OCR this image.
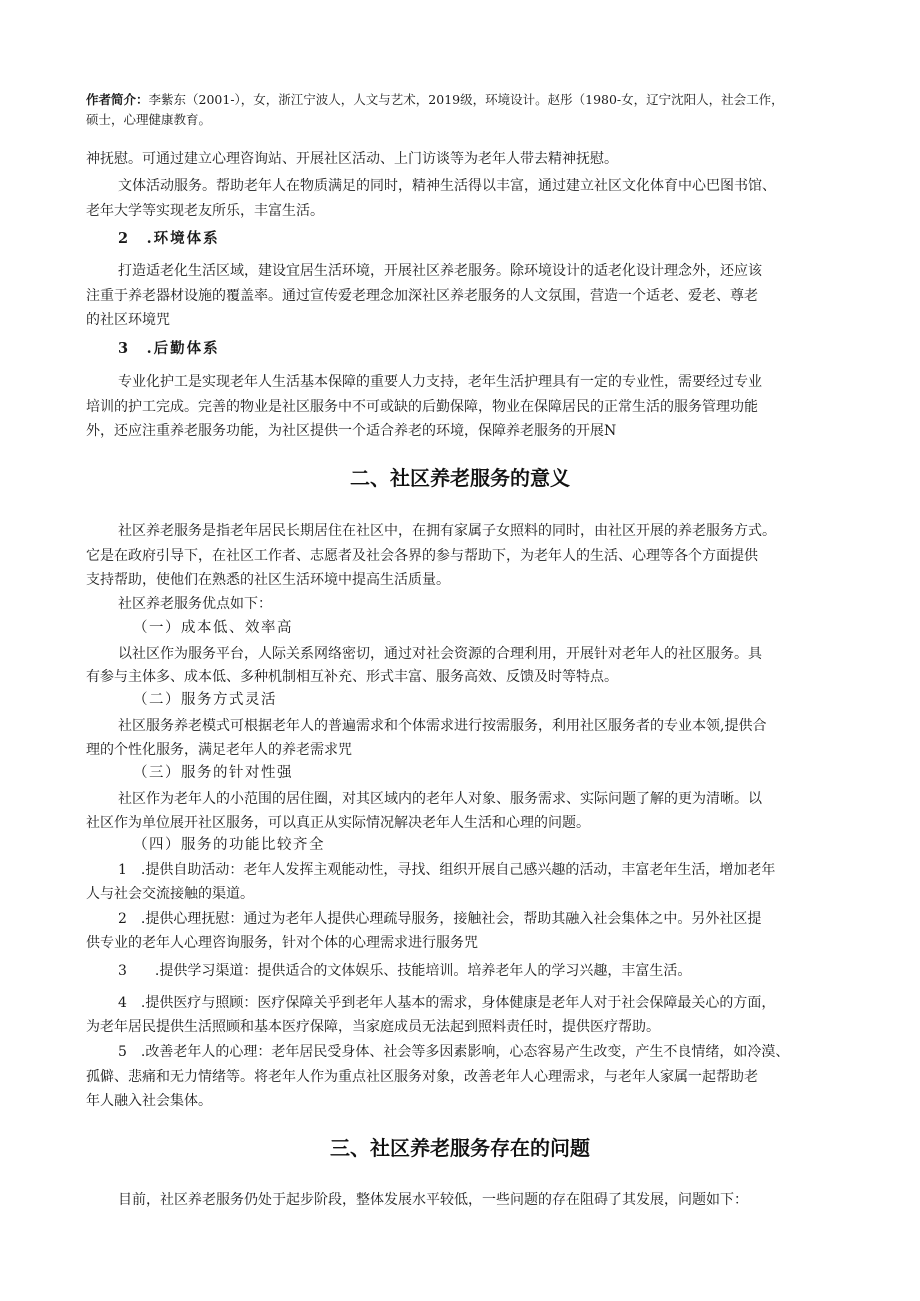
作者简介：李紫东（2001-），女，浙江宁波人，人文与艺术，2019级，环境设计。赵彤（1980-女，辽宁沈阳人，社会工作，
硕士，心理健康教育。
神抚慰。可通过建立心理咨询站、开展社区活动、上门访谈等为老年人带去精神抚慰。
文体活动服务。帮助老年人在物质满足的同时，精神生活得以丰富，通过建立社区文化体育中心巴图书馆、
老年大学等实现老友所乐，丰富生活。
2　.环境体系
打造适老化生活区域，建设宜居生活环境，开展社区养老服务。除环境设计的适老化设计理念外，还应该
注重于养老器材设施的覆盖率。通过宣传爱老理念加深社区养老服务的人文氛围，营造一个适老、爱老、尊老
的社区环境咒
3　.后勤体系
专业化护工是实现老年人生活基本保障的重要人力支持，老年生活护理具有一定的专业性，需要经过专业
培训的护工完成。完善的物业是社区服务中不可或缺的后勤保障，物业在保障居民的正常生活的服务管理功能
外，还应注重养老服务功能，为社区提供一个适合养老的环境，保障养老服务的开展N
二、社区养老服务的意义
社区养老服务是指老年居民长期居住在社区中，在拥有家属子女照料的同时，由社区开展的养老服务方式。
它是在政府引导下，在社区工作者、志愿者及社会各界的参与帮助下，为老年人的生活、心理等各个方面提供
支持帮助，使他们在熟悉的社区生活环境中提高生活质量。
社区养老服务优点如下：
（一）成本低、效率高
以社区作为服务平台，人际关系网络密切，通过对社会资源的合理利用，开展针对老年人的社区服务。具
有参与主体多、成本低、多种机制相互补充、形式丰富、服务高效、反馈及时等特点。
（二）服务方式灵活
社区服务养老模式可根据老年人的普遍需求和个体需求进行按需服务，利用社区服务者的专业本领,提供合
理的个性化服务，满足老年人的养老需求咒
（三）服务的针对性强
社区作为老年人的小范围的居住圈，对其区域内的老年人对象、服务需求、实际问题了解的更为清晰。以
社区作为单位展开社区服务，可以真正从实际情况解决老年人生活和心理的问题。
（四）服务的功能比较齐全
1　.提供自助活动：老年人发挥主观能动性，寻找、组织开展自己感兴趣的活动，丰富老年生活，增加老年
人与社会交流接触的渠道。
2　.提供心理抚慰：通过为老年人提供心理疏导服务，接触社会，帮助其融入社会集体之中。另外社区提
供专业的老年人心理咨询服务，针对个体的心理需求进行服务咒
3　　.提供学习渠道：提供适合的文体娱乐、技能培训。培养老年人的学习兴趣，丰富生活。
4　.提供医疗与照顾：医疗保障关乎到老年人基本的需求，身体健康是老年人对于社会保障最关心的方面，
为老年居民提供生活照顾和基本医疗保障，当家庭成员无法起到照料责任时，提供医疗帮助。
5　.改善老年人的心理：老年居民受身体、社会等多因素影响，心态容易产生改变，产生不良情绪，如冷漠、
孤僻、悲痛和无力情绪等。将老年人作为重点社区服务对象，改善老年人心理需求，与老年人家属一起帮助老
年人融入社会集体。
三、社区养老服务存在的问题
目前，社区养老服务仍处于起步阶段，整体发展水平较低，一些问题的存在阻碍了其发展，问题如下：
